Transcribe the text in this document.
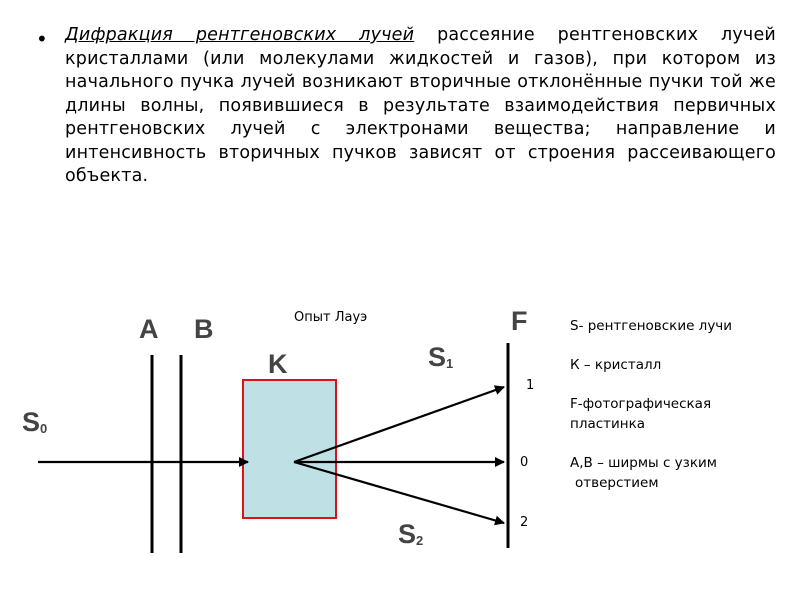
• Дифракция рентгеновских лучей рассеяние рентгеновских лучей кристаллами (или молекулами жидкостей и газов), при котором из начального пучка лучей возникают вторичные отклонённые пучки той же длины волны, появившиеся в результате взаимодействия первичных рентгеновских лучей с электронами вещества; направление и интенсивность вторичных пучков зависят от строения рассеивающего объекта.
Опыт Лауэ
A B
K
F
S0
S1
S2
1
0
2
S- рентгеновские лучи
К – кристалл
F-фотографическая
пластинка
А,В – ширмы с узким
отверстием
